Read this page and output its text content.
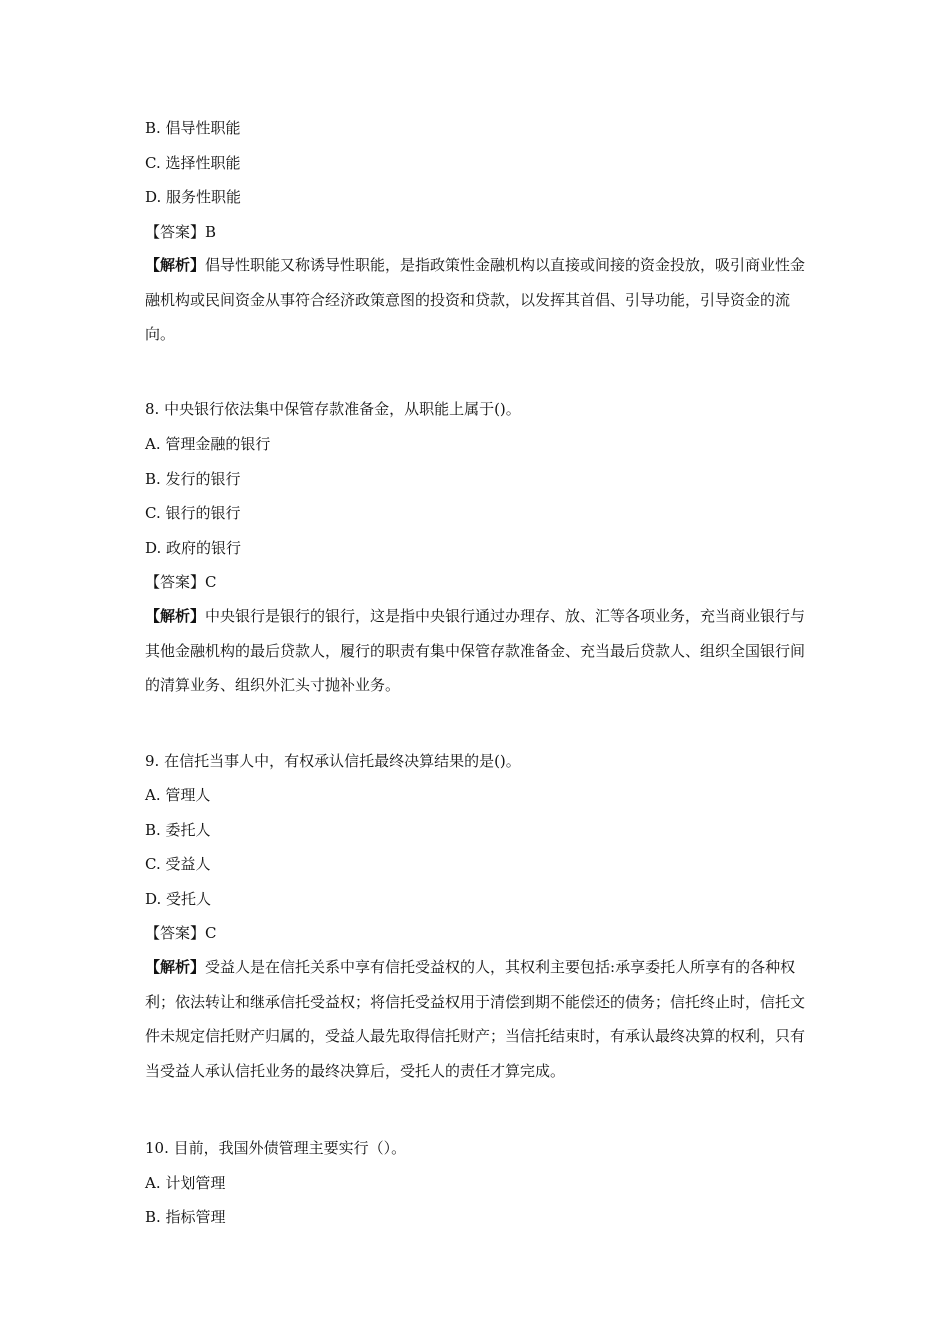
B. 倡导性职能
C. 选择性职能
D. 服务性职能
【答案】B
【解析】倡导性职能又称诱导性职能，是指政策性金融机构以直接或间接的资金投放，吸引商业性金融机构或民间资金从事符合经济政策意图的投资和贷款，以发挥其首倡、引导功能，引导资金的流向。
8. 中央银行依法集中保管存款准备金，从职能上属于()。
A. 管理金融的银行
B. 发行的银行
C. 银行的银行
D. 政府的银行
【答案】C
【解析】中央银行是银行的银行，这是指中央银行通过办理存、放、汇等各项业务，充当商业银行与其他金融机构的最后贷款人，履行的职责有集中保管存款准备金、充当最后贷款人、组织全国银行间的清算业务、组织外汇头寸抛补业务。
9. 在信托当事人中，有权承认信托最终决算结果的是()。
A. 管理人
B. 委托人
C. 受益人
D. 受托人
【答案】C
【解析】受益人是在信托关系中享有信托受益权的人，其权利主要包括:承享委托人所享有的各种权利；依法转让和继承信托受益权；将信托受益权用于清偿到期不能偿还的债务；信托终止时，信托文件未规定信托财产归属的，受益人最先取得信托财产；当信托结束时，有承认最终决算的权利，只有当受益人承认信托业务的最终决算后，受托人的责任才算完成。
10. 目前，我国外债管理主要实行（）。
A. 计划管理
B. 指标管理
